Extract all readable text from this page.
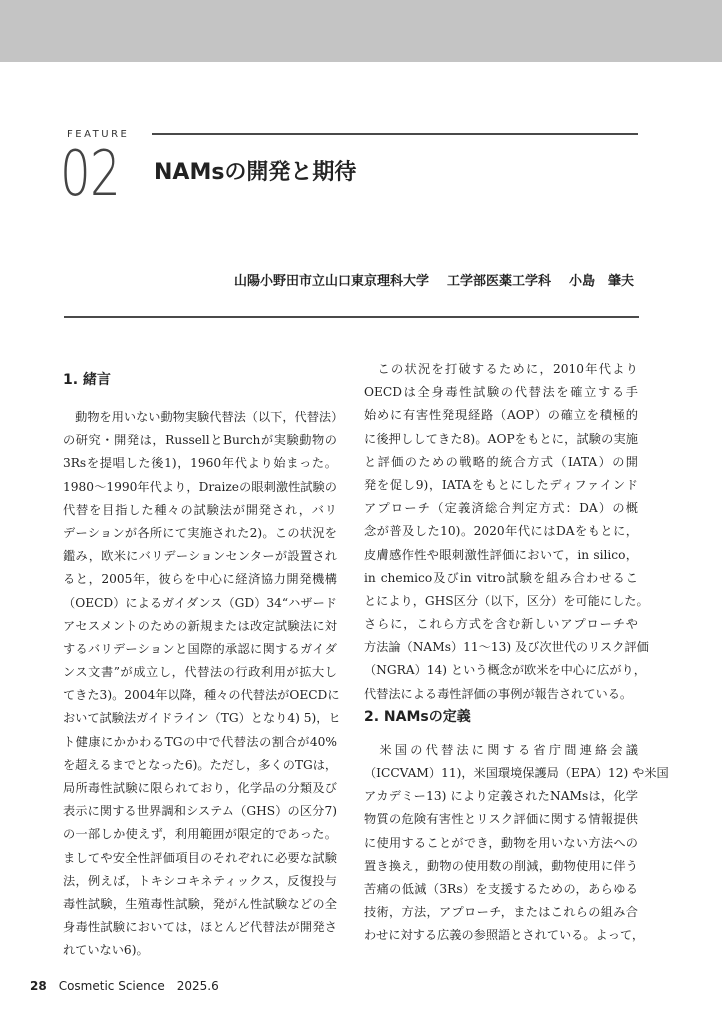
FEATURE
02 NAMsの開発と期待
山陽小野田市立山口東京理科大学 工学部医薬工学科 小島　肇夫
1. 緒言
　動物を用いない動物実験代替法（以下，代替法）
の研究・開発は，RussellとBurchが実験動物の
3Rsを提唱した後1)，1960年代より始まった。
1980～1990年代より，Draizeの眼刺激性試験の
代替を目指した種々の試験法が開発され，バリ
デーションが各所にて実施された2)。この状況を
鑑み，欧米にバリデーションセンターが設置され
ると，2005年，彼らを中心に経済協力開発機構
（OECD）によるガイダンス（GD）34“ハザード
アセスメントのための新規または改定試験法に対
するバリデーションと国際的承認に関するガイダ
ンス文書”が成立し，代替法の行政利用が拡大し
てきた3)。2004年以降，種々の代替法がOECDに
おいて試験法ガイドライン（TG）となり4) 5)，ヒ
ト健康にかかわるTGの中で代替法の割合が40%
を超えるまでとなった6)。ただし，多くのTGは，
局所毒性試験に限られており，化学品の分類及び
表示に関する世界調和システム（GHS）の区分7)
の一部しか使えず，利用範囲が限定的であった。
ましてや安全性評価項目のそれぞれに必要な試験
法，例えば，トキシコキネティックス，反復投与
毒性試験，生殖毒性試験，発がん性試験などの全
身毒性試験においては，ほとんど代替法が開発さ
れていない6)。
　この状況を打破するために，2010年代より
OECDは全身毒性試験の代替法を確立する手
始めに有害性発現経路（AOP）の確立を積極的
に後押ししてきた8)。AOPをもとに，試験の実施
と評価のための戦略的統合方式（IATA）の開
発を促し9)，IATAをもとにしたディファインド
アプローチ（定義済総合判定方式：DA）の概
念が普及した10)。2020年代にはDAをもとに，
皮膚感作性や眼刺激性評価において，in silico，
in chemico及びin vitro試験を組み合わせるこ
とにより，GHS区分（以下，区分）を可能にした。
さらに，これら方式を含む新しいアプローチや
方法論（NAMs）11～13) 及び次世代のリスク評価
（NGRA）14) という概念が欧米を中心に広がり，
代替法による毒性評価の事例が報告されている。
2. NAMsの定義
　米国の代替法に関する省庁間連絡会議
（ICCVAM）11)，米国環境保護局（EPA）12) や米国
アカデミー13) により定義されたNAMsは，化学
物質の危険有害性とリスク評価に関する情報提供
に使用することができ，動物を用いない方法への
置き換え，動物の使用数の削減，動物使用に伴う
苦痛の低減（3Rs）を支援するための，あらゆる
技術，方法，アプローチ，またはこれらの組み合
わせに対する広義の参照語とされている。よって，
28 Cosmetic Science　2025.6
